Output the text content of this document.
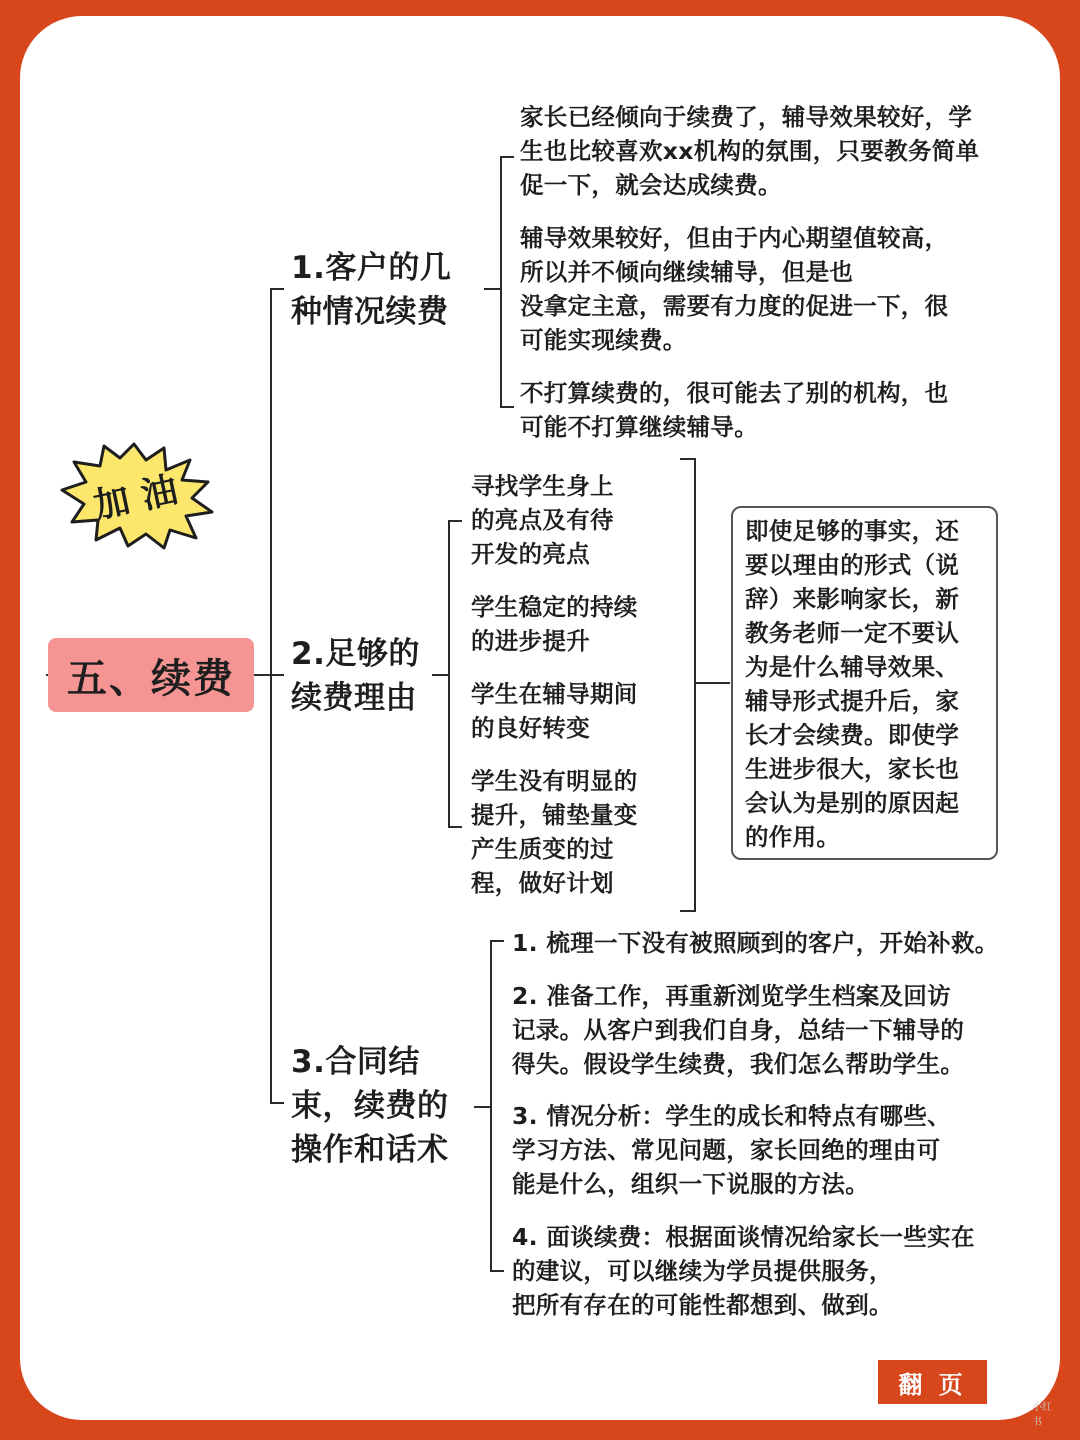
加 油
五、续费
1.客户的几
种情况续费
家长已经倾向于续费了，辅导效果较好，学
生也比较喜欢xx机构的氛围，只要教务简单
促一下，就会达成续费。
辅导效果较好，但由于内心期望值较高，
所以并不倾向继续辅导，但是也
没拿定主意，需要有力度的促进一下，很
可能实现续费。
不打算续费的，很可能去了别的机构，也
可能不打算继续辅导。
2.足够的
续费理由
寻找学生身上
的亮点及有待
开发的亮点
学生稳定的持续
的进步提升
学生在辅导期间
的良好转变
学生没有明显的
提升，铺垫量变
产生质变的过
程，做好计划

即使足够的事实，还

要以理由的形式（说

辞）来影响家长，新

教务老师一定不要认

为是什么辅导效果、

辅导形式提升后，家

长才会续费。即使学

生进步很大，家长也

会认为是别的原因起

的作用。

3.合同结
束，续费的
操作和话术
1. 梳理一下没有被照顾到的客户，开始补救。
2. 准备工作，再重新浏览学生档案及回访
记录。从客户到我们自身，总结一下辅导的
得失。假设学生续费，我们怎么帮助学生。
3. 情况分析：学生的成长和特点有哪些、
学习方法、常见问题，家长回绝的理由可
能是什么，组织一下说服的方法。
4. 面谈续费：根据面谈情况给家长一些实在
的建议，可以继续为学员提供服务，
把所有存在的可能性都想到、做到。
翻 页
小红书
